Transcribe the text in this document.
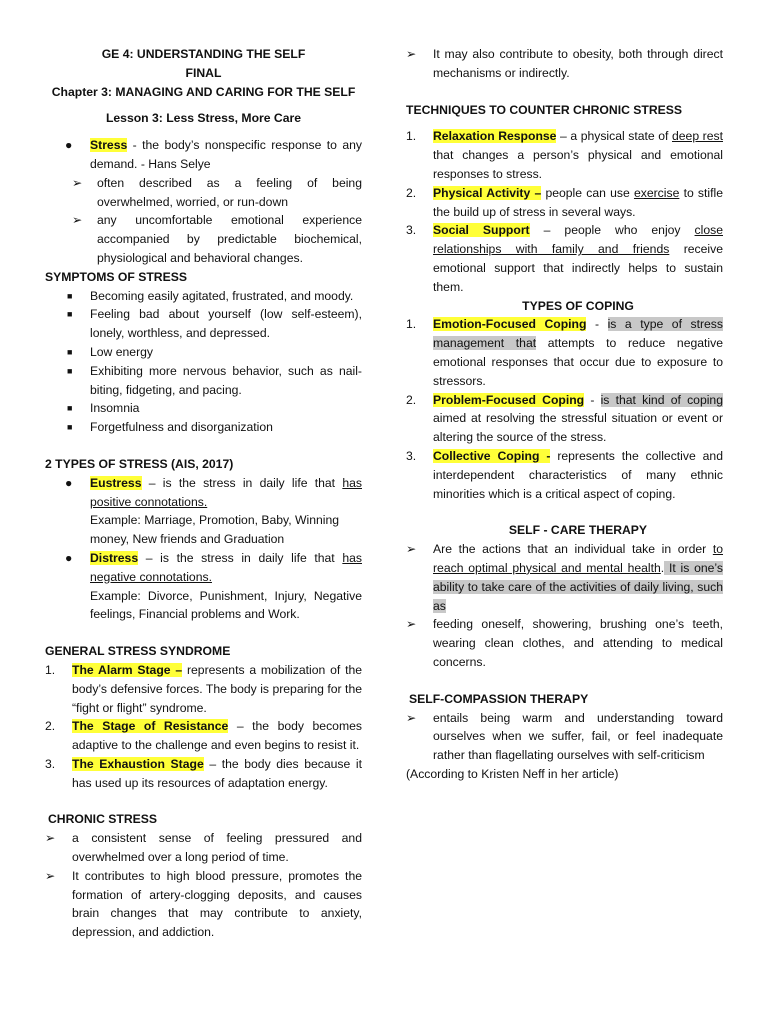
GE 4: UNDERSTANDING THE SELF
FINAL
Chapter 3: MANAGING AND CARING FOR THE SELF
Lesson 3: Less Stress, More Care
● Stress - the body’s nonspecific response to any demand. - Hans Selye
➢ often described as a feeling of being overwhelmed, worried, or run-down
➢ any uncomfortable emotional experience accompanied by predictable biochemical, physiological and behavioral changes.
SYMPTOMS OF STRESS
■ Becoming easily agitated, frustrated, and moody.
■ Feeling bad about yourself (low self-esteem), lonely, worthless, and depressed.
■ Low energy
■ Exhibiting more nervous behavior, such as nail-biting, fidgeting, and pacing.
■ Insomnia
■ Forgetfulness and disorganization
2 TYPES OF STRESS (AIS, 2017)
● Eustress – is the stress in daily life that has positive connotations.
Example: Marriage, Promotion, Baby, Winning money, New friends and Graduation
● Distress – is the stress in daily life that has negative connotations.
Example: Divorce, Punishment, Injury, Negative feelings, Financial problems and Work.
GENERAL STRESS SYNDROME
1. The Alarm Stage – represents a mobilization of the body’s defensive forces. The body is preparing for the “fight or flight” syndrome.
2. The Stage of Resistance – the body becomes adaptive to the challenge and even begins to resist it.
3. The Exhaustion Stage – the body dies because it has used up its resources of adaptation energy.
CHRONIC STRESS
➢ a consistent sense of feeling pressured and overwhelmed over a long period of time.
➢ It contributes to high blood pressure, promotes the formation of artery-clogging deposits, and causes brain changes that may contribute to anxiety, depression, and addiction.
➢ It may also contribute to obesity, both through direct mechanisms or indirectly.
TECHNIQUES TO COUNTER CHRONIC STRESS
1. Relaxation Response – a physical state of deep rest that changes a person’s physical and emotional responses to stress.
2. Physical Activity – people can use exercise to stifle the build up of stress in several ways.
3. Social Support – people who enjoy close relationships with family and friends receive emotional support that indirectly helps to sustain them.
TYPES OF COPING
1. Emotion-Focused Coping - is a type of stress management that attempts to reduce negative emotional responses that occur due to exposure to stressors.
2. Problem-Focused Coping - is that kind of coping aimed at resolving the stressful situation or event or altering the source of the stress.
3. Collective Coping - represents the collective and interdependent characteristics of many ethnic minorities which is a critical aspect of coping.
SELF - CARE THERAPY
➢ Are the actions that an individual take in order to reach optimal physical and mental health. It is one’s ability to take care of the activities of daily living, such as
➢ feeding oneself, showering, brushing one’s teeth, wearing clean clothes, and attending to medical concerns.
SELF-COMPASSION THERAPY
➢ entails being warm and understanding toward ourselves when we suffer, fail, or feel inadequate rather than flagellating ourselves with self-criticism
(According to Kristen Neff in her article)
